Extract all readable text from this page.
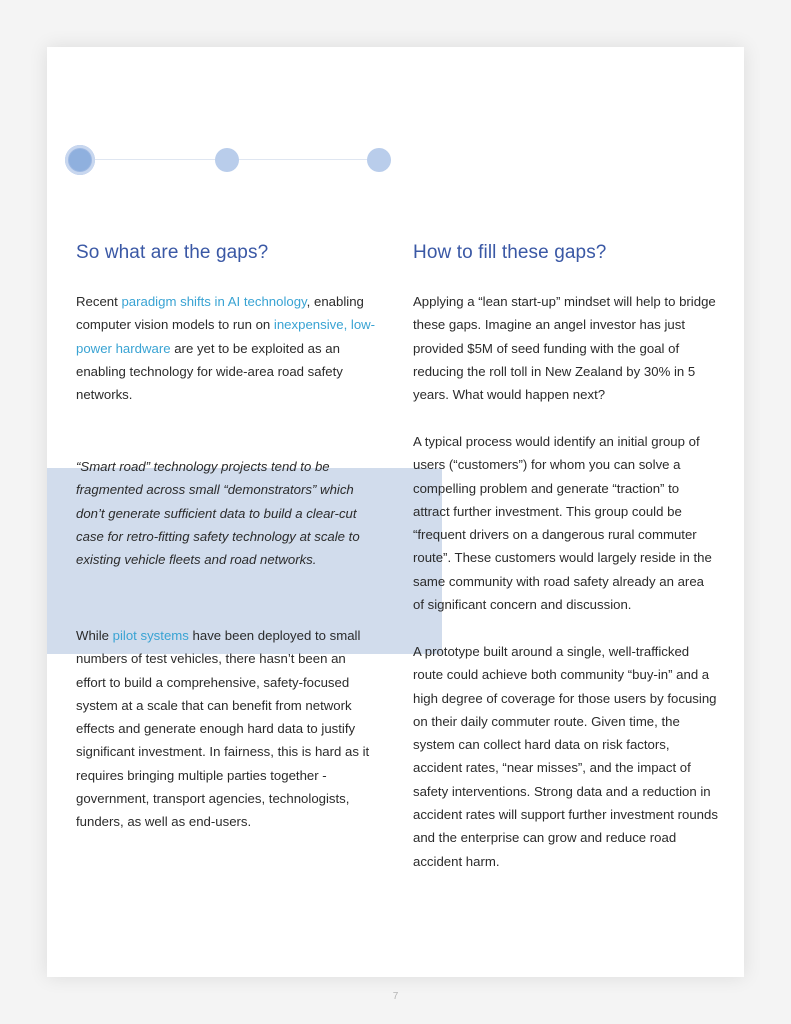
So what are the gaps?	How to fill these gaps?

Recent paradigm shifts in AI technology, enabling computer vision models to run on inexpensive, low-power hardware are yet to be exploited as an enabling technology for wide-area road safety networks.

While pilot systems have been deployed to small numbers of test vehicles, there hasn’t been an effort to build a comprehensive, safety-focused system at a scale that can benefit from network effects and generate enough hard data to justify significant investment. In fairness, this is hard as it requires bringing multiple parties together - government, transport agencies, technologists, funders, as well as end-users.

Applying a “lean start-up” mindset will help to bridge these gaps. Imagine an angel investor has just provided $5M of seed funding with the goal of reducing the roll toll in New Zealand by 30% in 5 years. What would happen next?

A typical process would identify an initial group of users (“customers”) for whom you can solve a compelling problem and generate “traction” to attract further investment. This group could be “frequent drivers on a dangerous rural commuter route”. These customers would largely reside in the same community with road safety already an area of significant concern and discussion.

A prototype built around a single, well-trafficked route could achieve both community “buy-in” and a high degree of coverage for those users by focusing on their daily commuter route. Given time, the system can collect hard data on risk factors, accident rates, “near misses”, and the impact of safety interventions. Strong data and a reduction in accident rates will support further investment rounds and the enterprise can grow and reduce road accident harm.

“Smart road” technology projects tend to be fragmented across small “demonstrators” which don’t generate sufficient data to build a clear-cut case for retro-fitting safety technology at scale to existing vehicle fleets and road networks.

7
